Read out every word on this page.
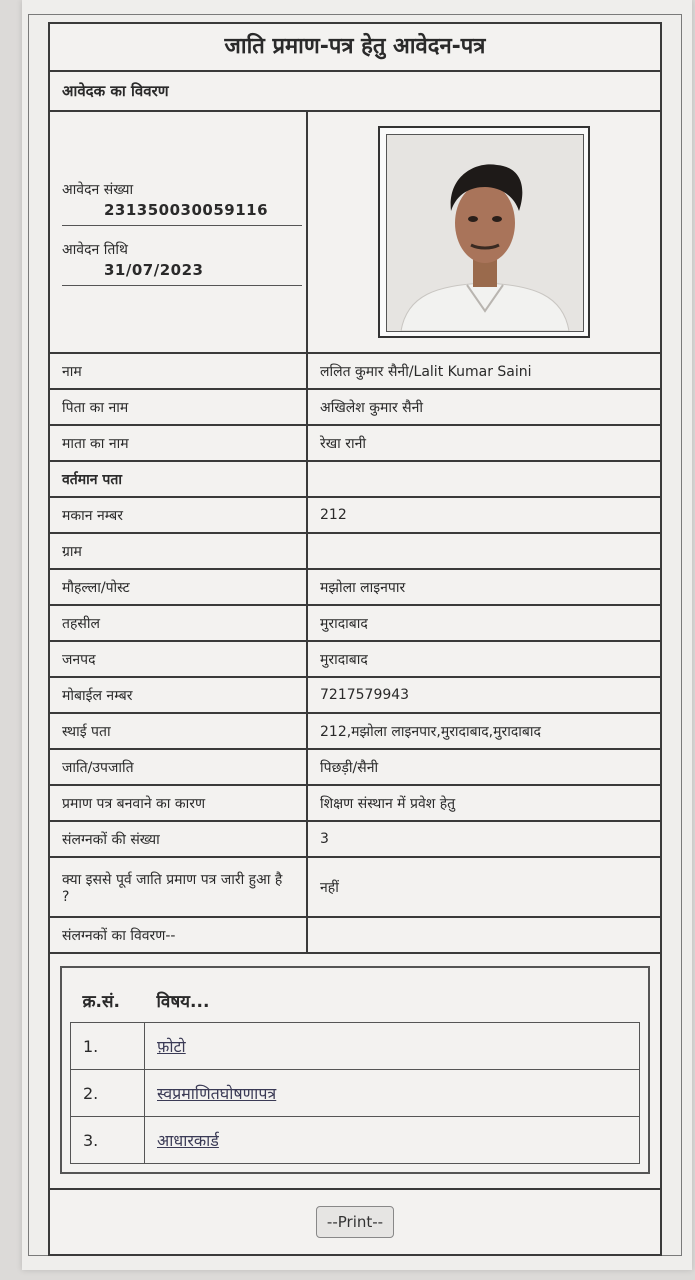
जाति प्रमाण-पत्र हेतु आवेदन-पत्र
आवेदक का विवरण
आवेदन संख्या
231350030059116
आवेदन तिथि
31/07/2023
नाम	ललित कुमार सैनी/Lalit Kumar Saini
पिता का नाम	अखिलेश कुमार सैनी
माता का नाम	रेखा रानी
वर्तमान पता	
मकान नम्बर	212
ग्राम	
मौहल्ला/पोस्ट	मझोला लाइनपार
तहसील	मुरादाबाद
जनपद	मुरादाबाद
मोबाईल नम्बर	7217579943
स्थाई पता	212,मझोला लाइनपार,मुरादाबाद,मुरादाबाद
जाति/उपजाति	पिछड़ी/सैनी
प्रमाण पत्र बनवाने का कारण	शिक्षण संस्थान में प्रवेश हेतु
संलग्नकों की संख्या	3
क्या इससे पूर्व जाति प्रमाण पत्र जारी हुआ है ?	नहीं
संलग्नकों का विवरण--	
क्र.सं.	विषय...
1.	फ़ोटो
2.	स्वप्रमाणितघोषणापत्र
3.	आधारकार्ड
--Print--
